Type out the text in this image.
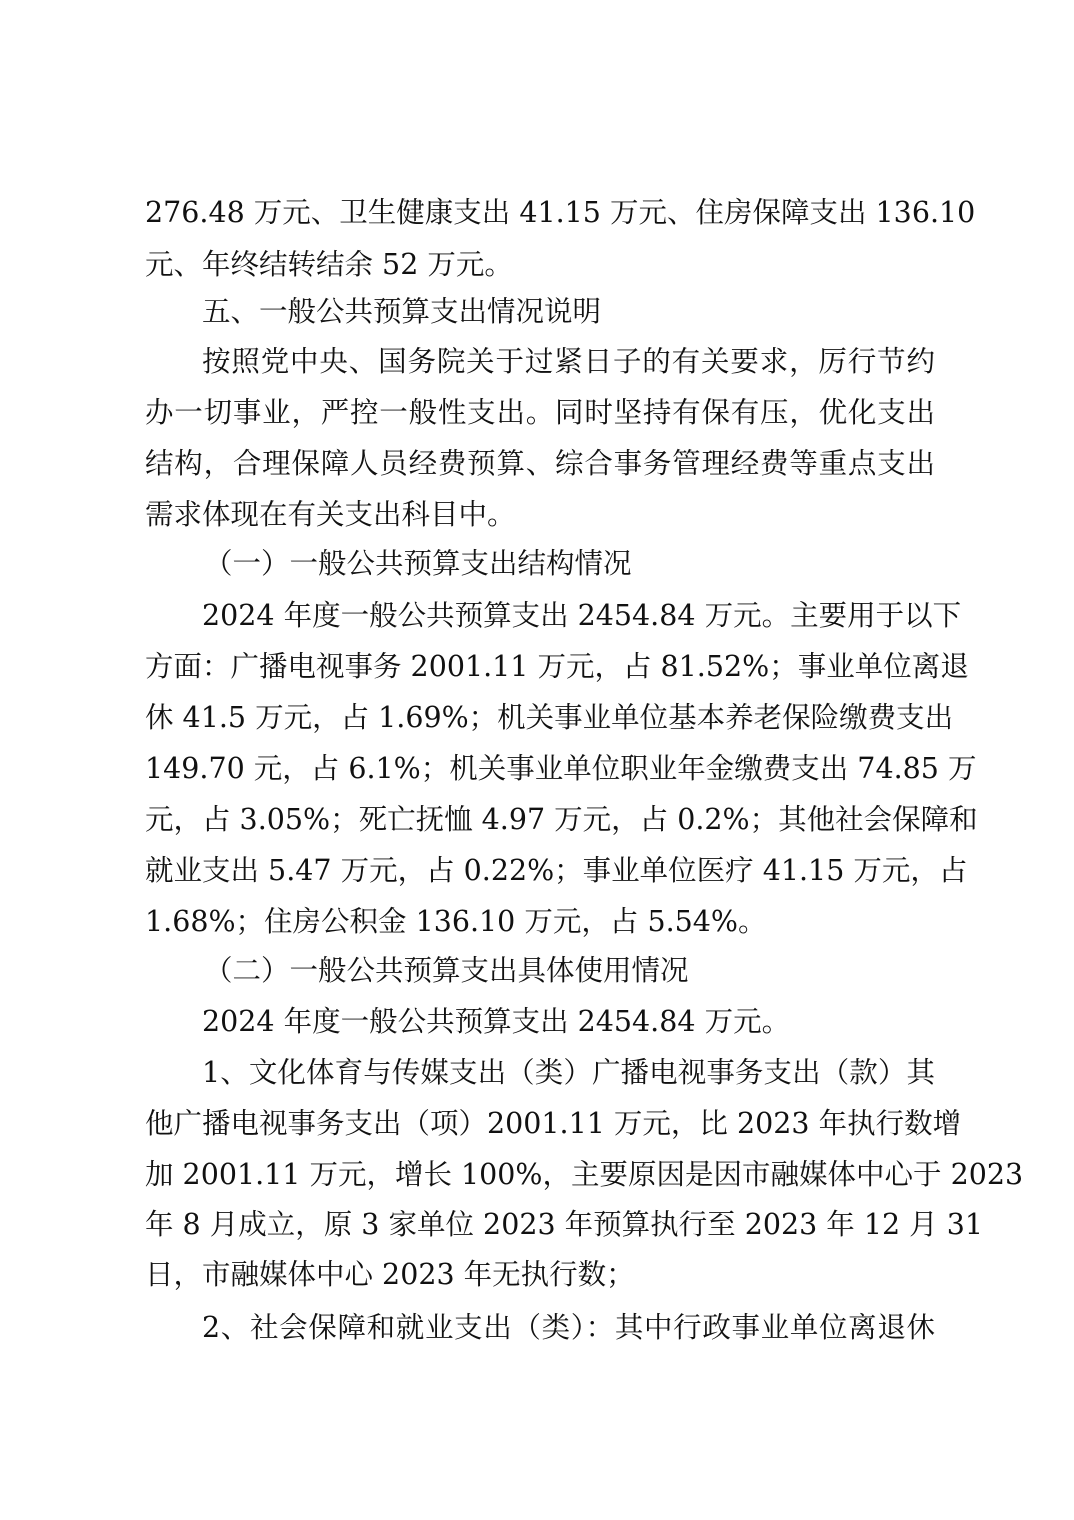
276.48 万元、卫生健康支出 41.15 万元、住房保障支出 136.10
元、年终结转结余 52 万元。
五、一般公共预算支出情况说明
按照党中央、国务院关于过紧日子的有关要求，厉行节约
办一切事业，严控一般性支出。同时坚持有保有压，优化支出
结构，合理保障人员经费预算、综合事务管理经费等重点支出
需求体现在有关支出科目中。
（一）一般公共预算支出结构情况
2024 年度一般公共预算支出 2454.84 万元。主要用于以下
方面：广播电视事务 2001.11 万元，占 81.52%；事业单位离退
休 41.5 万元，占 1.69%；机关事业单位基本养老保险缴费支出
149.70 元，占 6.1%；机关事业单位职业年金缴费支出 74.85 万
元，占 3.05%；死亡抚恤 4.97 万元，占 0.2%；其他社会保障和
就业支出 5.47 万元，占 0.22%；事业单位医疗 41.15 万元，占
1.68%；住房公积金 136.10 万元，占 5.54%。
（二）一般公共预算支出具体使用情况
2024 年度一般公共预算支出 2454.84 万元。
1、文化体育与传媒支出（类）广播电视事务支出（款）其
他广播电视事务支出（项）2001.11 万元，比 2023 年执行数增
加 2001.11 万元，增长 100%，主要原因是因市融媒体中心于 2023
年 8 月成立，原 3 家单位 2023 年预算执行至 2023 年 12 月 31
日，市融媒体中心 2023 年无执行数；
2、社会保障和就业支出（类）：其中行政事业单位离退休
